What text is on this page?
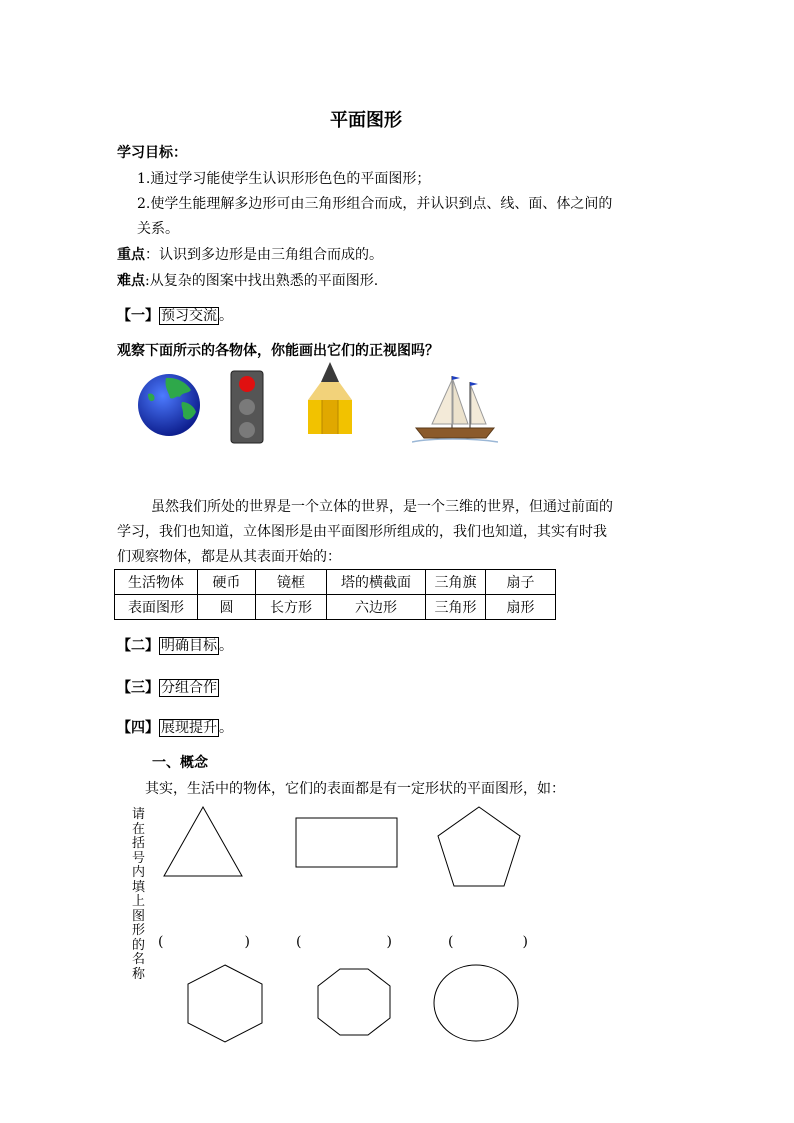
平面图形
学习目标：
1.通过学习能使学生认识形形色色的平面图形；
2.使学生能理解多边形可由三角形组合而成，并认识到点、线、面、体之间的
关系。
重点：认识到多边形是由三角组合而成的。
难点:从复杂的图案中找出熟悉的平面图形.
【一】 预习交流 。
观察下面所示的各物体，你能画出它们的正视图吗？
虽然我们所处的世界是一个立体的世界，是一个三维的世界，但通过前面的
学习，我们也知道，立体图形是由平面图形所组成的，我们也知道，其实有时我
们观察物体，都是从其表面开始的：
生活物体	硬币	镜框	塔的横截面	三角旗	扇子
表面图形	圆	长方形	六边形	三角形	扇形
【二】 明确目标 。
【三】 分组合作
【四】 展现提升 。
一、概念
其实，生活中的物体，它们的表面都是有一定形状的平面图形，如：
请在括号内填上图形的名称
(	)	(	)	(	)
